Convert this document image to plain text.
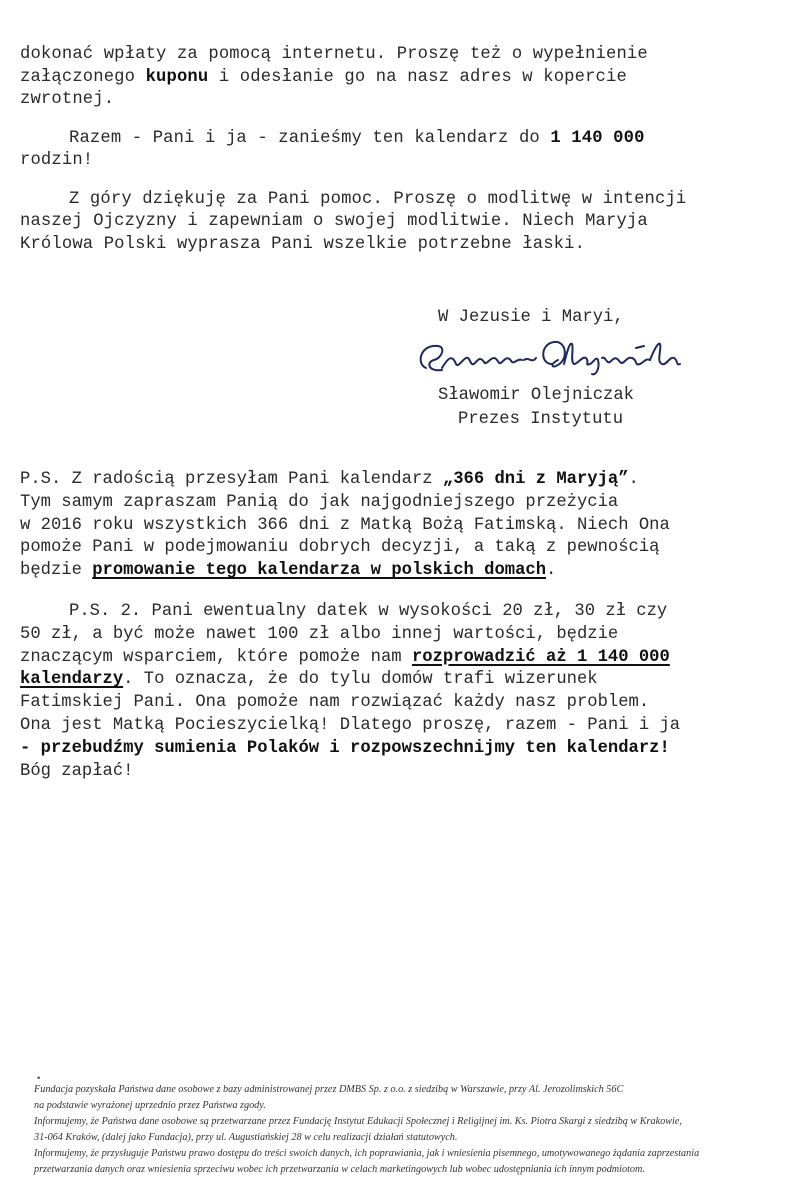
dokonać wpłaty za pomocą internetu. Proszę też o wypełnienie

załączonego kuponu i odesłanie go na nasz adres w kopercie

zwrotnej.

Razem - Pani i ja - zanieśmy ten kalendarz do 1 140 000

rodzin!

Z góry dziękuję za Pani pomoc. Proszę o modlitwę w intencji

naszej Ojczyzny i zapewniam o swojej modlitwie. Niech Maryja

Królowa Polski wyprasza Pani wszelkie potrzebne łaski.

W Jezusie i Maryi,
Sławomir Olejniczak
Prezes Instytutu

P.S. Z radością przesyłam Pani kalendarz „366 dni z Maryją”.
Tym samym zapraszam Panią do jak najgodniejszego przeżycia
w 2016 roku wszystkich 366 dni z Matką Bożą Fatimską. Niech Ona
pomoże Pani w podejmowaniu dobrych decyzji, a taką z pewnością
będzie promowanie tego kalendarza w polskich domach.

P.S. 2. Pani ewentualny datek w wysokości 20 zł, 30 zł czy
50 zł, a być może nawet 100 zł albo innej wartości, będzie
znaczącym wsparciem, które pomoże nam rozprowadzić aż 1 140 000
kalendarzy. To oznacza, że do tylu domów trafi wizerunek
Fatimskiej Pani. Ona pomoże nam rozwiązać każdy nasz problem.
Ona jest Matką Pocieszycielką! Dlatego proszę, razem - Pani i ja
- przebudźmy sumienia Polaków i rozpowszechnijmy ten kalendarz!
Bóg zapłać!

•

Fundacja pozyskała Państwa dane osobowe z bazy administrowanej przez DMBS Sp. z o.o. z siedzibą w Warszawie, przy Al. Jerozolimskich 56C

na podstawie wyrażonej uprzednio przez Państwa zgody.

Informujemy, że Państwa dane osobowe są przetwarzane przez Fundację Instytut Edukacji Społecznej i Religijnej im. Ks. Piotra Skargi z siedzibą w Krakowie,

31-064 Kraków, (dalej jako Fundacja), przy ul. Augustiańskiej 28 w celu realizacji działań statutowych.

Informujemy, że przysługuje Państwu prawo dostępu do treści swoich danych, ich poprawiania, jak i wniesienia pisemnego, umotywowanego żądania zaprzestania

przetwarzania danych oraz wniesienia sprzeciwu wobec ich przetwarzania w celach marketingowych lub wobec udostępniania ich innym podmiotom.
